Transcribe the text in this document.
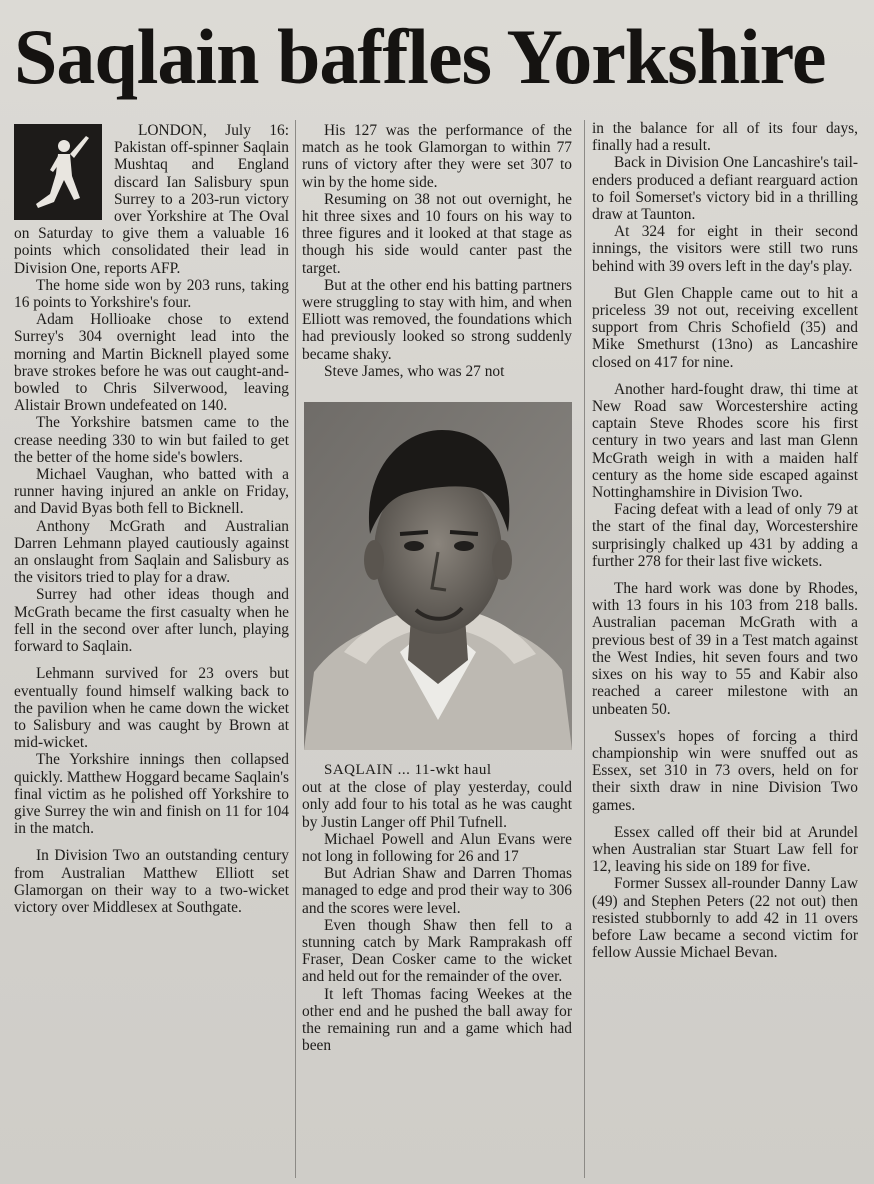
Saqlain baffles Yorkshire

LONDON, July 16: Pakistan off-spinner Saqlain Mushtaq and England discard Ian Salisbury spun Surrey to a 203-run victory over Yorkshire at The Oval on Saturday to give them a valuable 16 points which consolidated their lead in Division One, reports AFP.

The home side won by 203 runs, taking 16 points to Yorkshire's four.

Adam Hollioake chose to extend Surrey's 304 overnight lead into the morning and Martin Bicknell played some brave strokes before he was out caught-and-bowled to Chris Silverwood, leaving Alistair Brown undefeated on 140.

The Yorkshire batsmen came to the crease needing 330 to win but failed to get the better of the home side's bowlers.

Michael Vaughan, who batted with a runner having injured an ankle on Friday, and David Byas both fell to Bicknell.

Anthony McGrath and Australian Darren Lehmann played cautiously against an onslaught from Saqlain and Salisbury as the visitors tried to play for a draw.

Surrey had other ideas though and McGrath became the first casualty when he fell in the second over after lunch, playing forward to Saqlain.

Lehmann survived for 23 overs but eventually found himself walking back to the pavilion when he came down the wicket to Salisbury and was caught by Brown at mid-wicket.

The Yorkshire innings then collapsed quickly. Matthew Hoggard became Saqlain's final victim as he polished off Yorkshire to give Surrey the win and finish on 11 for 104 in the match.

In Division Two an outstanding century from Australian Matthew Elliott set Glamorgan on their way to a two-wicket victory over Middlesex at Southgate.

His 127 was the performance of the match as he took Glamorgan to within 77 runs of victory after they were set 307 to win by the home side.

Resuming on 38 not out overnight, he hit three sixes and 10 fours on his way to three figures and it looked at that stage as though his side would canter past the target.

But at the other end his batting partners were struggling to stay with him, and when Elliott was removed, the foundations which had previously looked so strong suddenly became shaky.

Steve James, who was 27 not

SAQLAIN ... 11-wkt haul

out at the close of play yesterday, could only add four to his total as he was caught by Justin Langer off Phil Tufnell.

Michael Powell and Alun Evans were not long in following for 26 and 17

But Adrian Shaw and Darren Thomas managed to edge and prod their way to 306 and the scores were level.

Even though Shaw then fell to a stunning catch by Mark Ramprakash off Fraser, Dean Cosker came to the wicket and held out for the remainder of the over.

It left Thomas facing Weekes at the other end and he pushed the ball away for the remaining run and a game which had been

in the balance for all of its four days, finally had a result.

Back in Division One Lancashire's tail-enders produced a defiant rearguard action to foil Somerset's victory bid in a thrilling draw at Taunton.

At 324 for eight in their second innings, the visitors were still two runs behind with 39 overs left in the day's play.

But Glen Chapple came out to hit a priceless 39 not out, receiving excellent support from Chris Schofield (35) and Mike Smethurst (13no) as Lancashire closed on 417 for nine.

Another hard-fought draw, thi time at New Road saw Worcestershire acting captain Steve Rhodes score his first century in two years and last man Glenn McGrath weigh in with a maiden half century as the home side escaped against Nottinghamshire in Division Two.

Facing defeat with a lead of only 79 at the start of the final day, Worcestershire surprisingly chalked up 431 by adding a further 278 for their last five wickets.

The hard work was done by Rhodes, with 13 fours in his 103 from 218 balls. Australian paceman McGrath with a previous best of 39 in a Test match against the West Indies, hit seven fours and two sixes on his way to 55 and Kabir also reached a career milestone with an unbeaten 50.

Sussex's hopes of forcing a third championship win were snuffed out as Essex, set 310 in 73 overs, held on for their sixth draw in nine Division Two games.

Essex called off their bid at Arundel when Australian star Stuart Law fell for 12, leaving his side on 189 for five.

Former Sussex all-rounder Danny Law (49) and Stephen Peters (22 not out) then resisted stubbornly to add 42 in 11 overs before Law became a second victim for fellow Aussie Michael Bevan.
